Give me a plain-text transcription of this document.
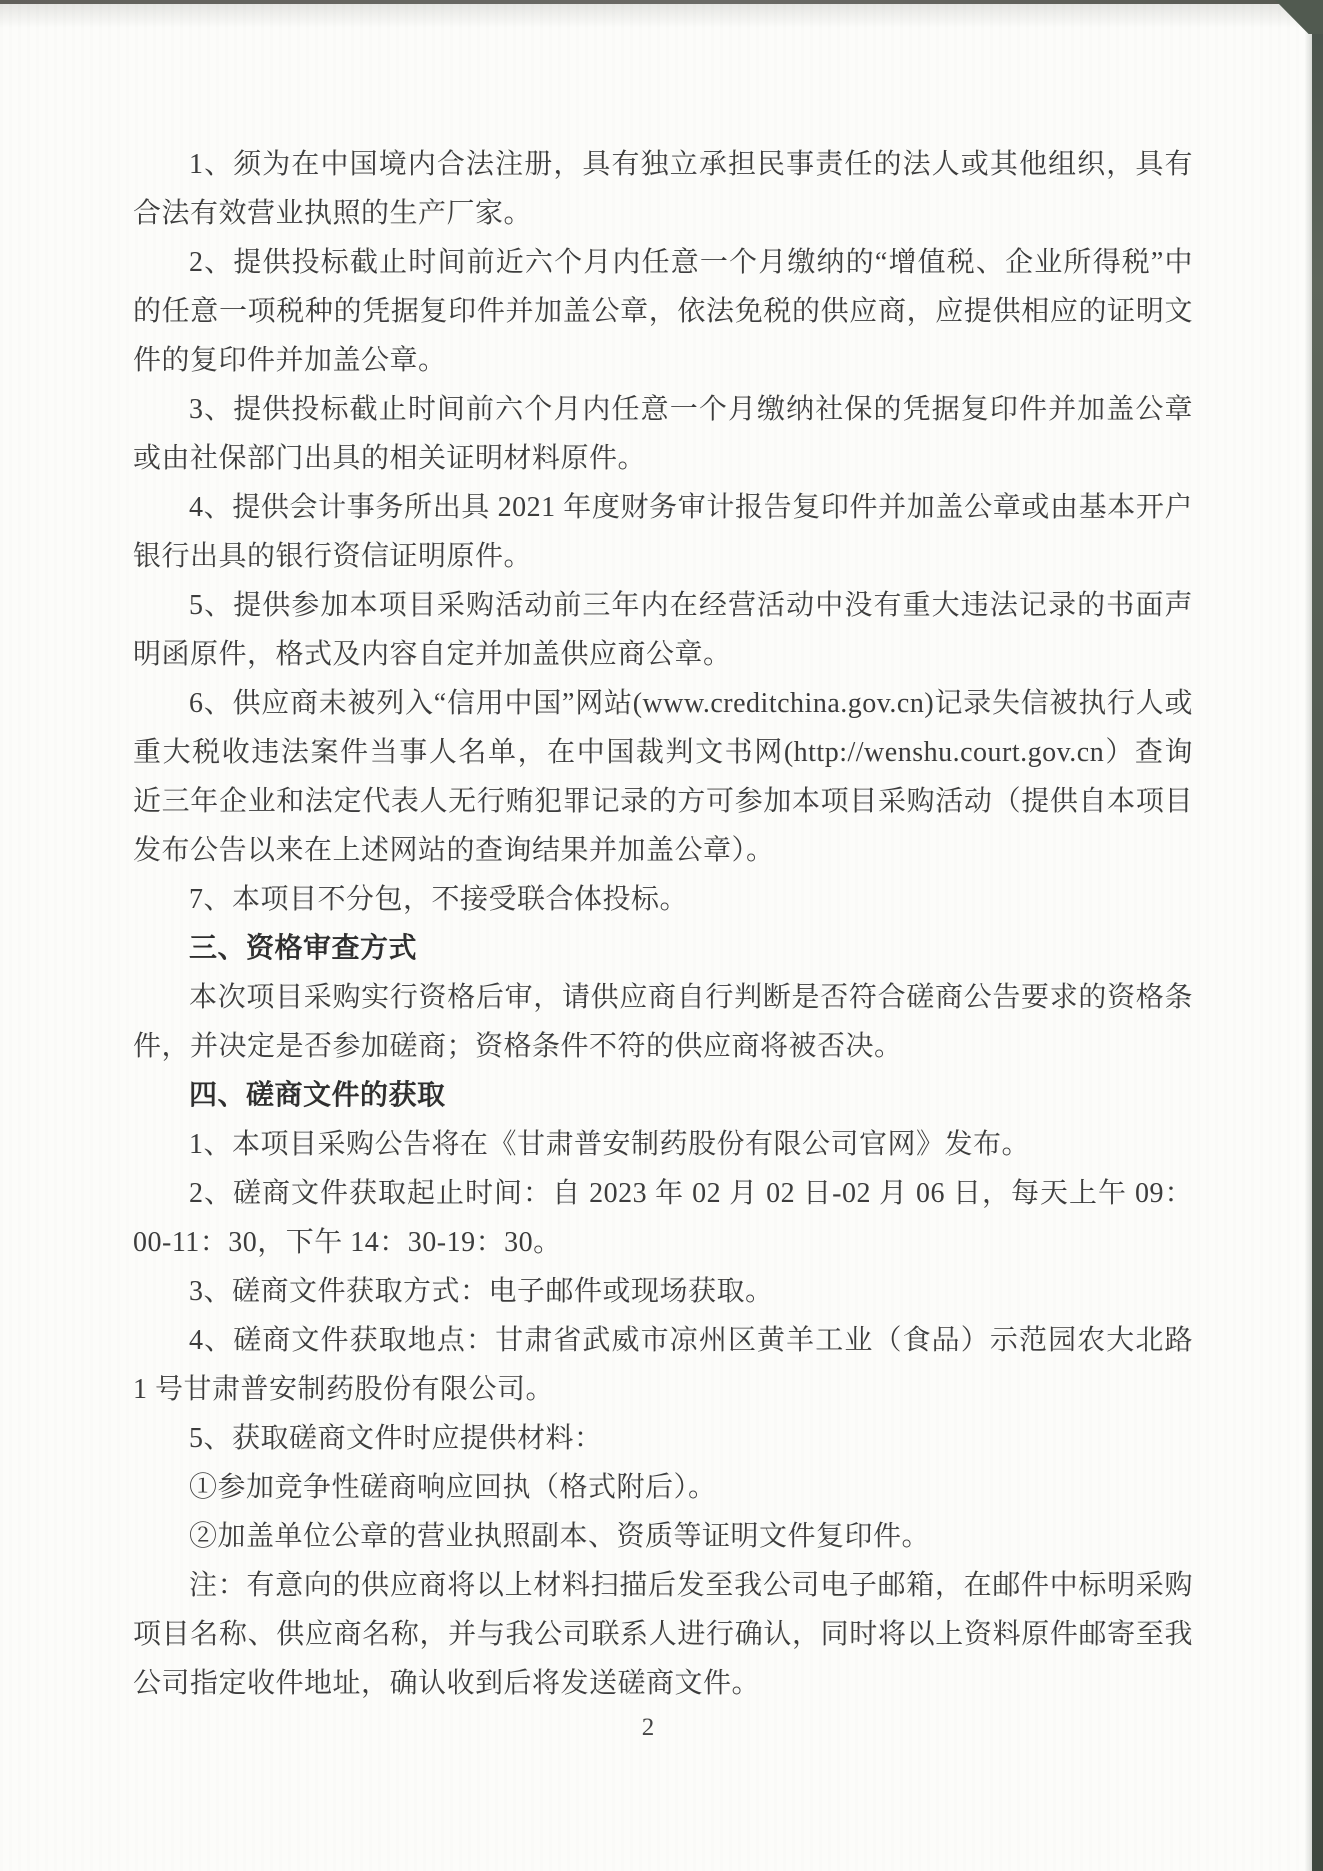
1、须为在中国境内合法注册，具有独立承担民事责任的法人或其他组织，具有合法有效营业执照的生产厂家。

2、提供投标截止时间前近六个月内任意一个月缴纳的“增值税、企业所得税”中的任意一项税种的凭据复印件并加盖公章，依法免税的供应商，应提供相应的证明文件的复印件并加盖公章。

3、提供投标截止时间前六个月内任意一个月缴纳社保的凭据复印件并加盖公章或由社保部门出具的相关证明材料原件。

4、提供会计事务所出具 2021 年度财务审计报告复印件并加盖公章或由基本开户银行出具的银行资信证明原件。

5、提供参加本项目采购活动前三年内在经营活动中没有重大违法记录的书面声明函原件，格式及内容自定并加盖供应商公章。

6、供应商未被列入“信用中国”网站(www.creditchina.gov.cn)记录失信被执行人或重大税收违法案件当事人名单，在中国裁判文书网(http://wenshu.court.gov.cn）查询近三年企业和法定代表人无行贿犯罪记录的方可参加本项目采购活动（提供自本项目发布公告以来在上述网站的查询结果并加盖公章）。

7、本项目不分包，不接受联合体投标。

三、资格审查方式

本次项目采购实行资格后审，请供应商自行判断是否符合磋商公告要求的资格条件，并决定是否参加磋商；资格条件不符的供应商将被否决。

四、磋商文件的获取

1、本项目采购公告将在《甘肃普安制药股份有限公司官网》发布。

2、磋商文件获取起止时间：自 2023 年 02 月 02 日-02 月 06 日，每天上午 09：00-11：30，下午 14：30-19：30。

3、磋商文件获取方式：电子邮件或现场获取。

4、磋商文件获取地点：甘肃省武威市凉州区黄羊工业（食品）示范园农大北路 1 号甘肃普安制药股份有限公司。

5、获取磋商文件时应提供材料：

①参加竞争性磋商响应回执（格式附后）。

②加盖单位公章的营业执照副本、资质等证明文件复印件。

注：有意向的供应商将以上材料扫描后发至我公司电子邮箱，在邮件中标明采购项目名称、供应商名称，并与我公司联系人进行确认，同时将以上资料原件邮寄至我公司指定收件地址，确认收到后将发送磋商文件。

2
